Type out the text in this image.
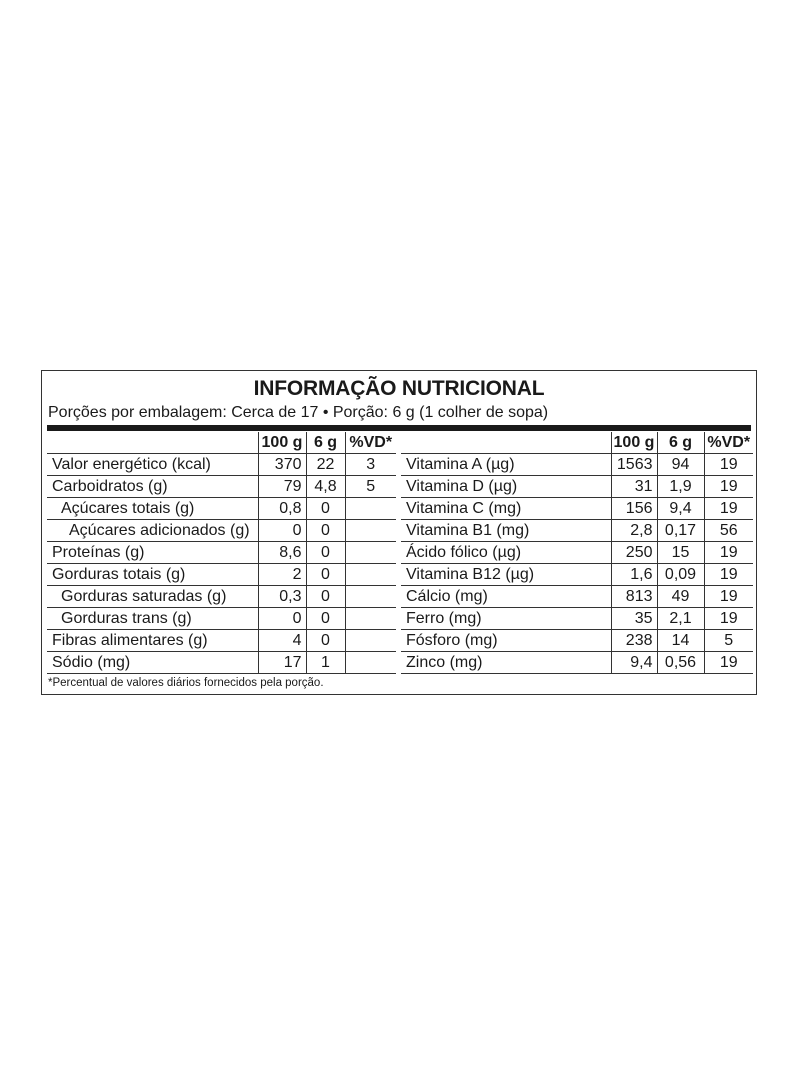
INFORMAÇÃO NUTRICIONAL
Porções por embalagem: Cerca de 17 • Porção: 6 g (1 colher de sopa)
	100 g	6 g	%VD*
Valor energético (kcal)	370	22	3
Carboidratos (g)	79	4,8	5
Açúcares totais (g)	0,8	0	
Açúcares adicionados (g)	0	0	
Proteínas (g)	8,6	0	
Gorduras totais (g)	2	0	
Gorduras saturadas (g)	0,3	0	
Gorduras trans (g)	0	0	
Fibras alimentares (g)	4	0	
Sódio (mg)	17	1	
	100 g	6 g	%VD*
Vitamina A (µg)	1563	94	19
Vitamina D (µg)	31	1,9	19
Vitamina C (mg)	156	9,4	19
Vitamina B1 (mg)	2,8	0,17	56
Ácido fólico (µg)	250	15	19
Vitamina B12 (µg)	1,6	0,09	19
Cálcio (mg)	813	49	19
Ferro (mg)	35	2,1	19
Fósforo (mg)	238	14	5
Zinco (mg)	9,4	0,56	19
*Percentual de valores diários fornecidos pela porção.
